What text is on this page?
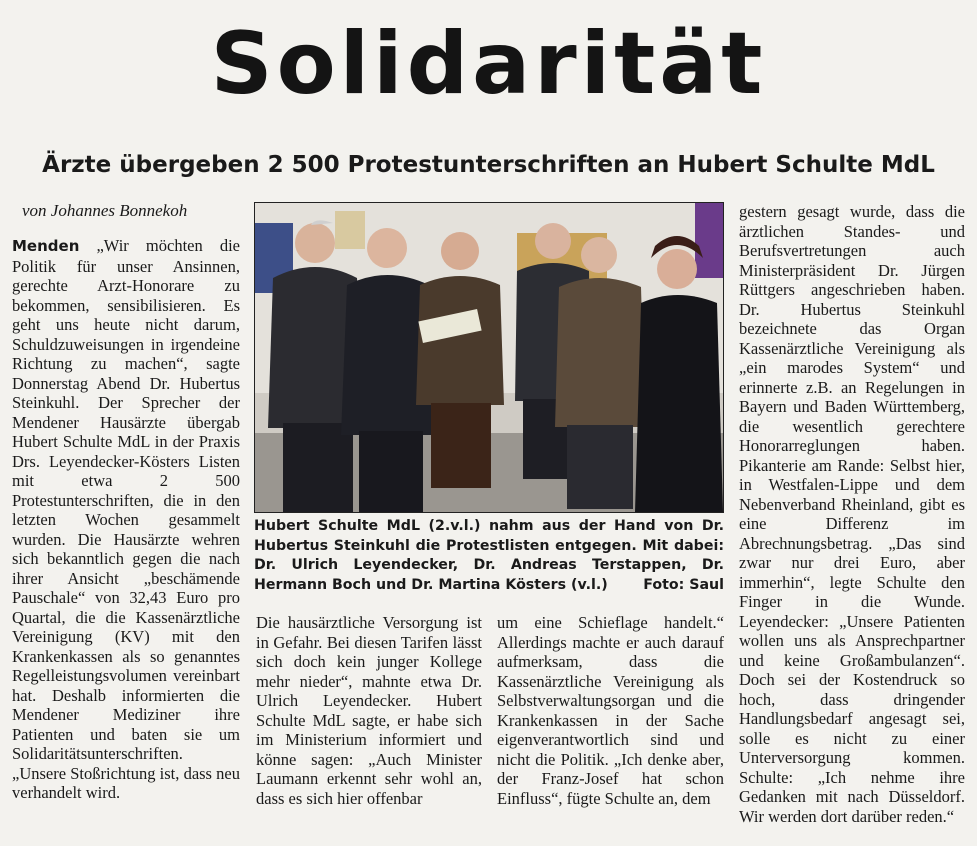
Solidarität
Ärzte übergeben 2 500 Protestunterschriften an Hubert Schulte MdL
von Johannes Bonnekoh

Menden „Wir möchten die Politik für unser Ansinnen, gerechte Arzt-Honorare zu bekommen, sensibilisieren. Es geht uns heute nicht darum, Schuldzuweisungen in irgendeine Richtung zu machen“, sagte Donnerstag Abend Dr. Hubertus Steinkuhl. Der Sprecher der Mendener Hausärzte übergab Hubert Schulte MdL in der Praxis Drs. Leyendecker-Kösters Listen mit etwa 2 500 Protestunterschriften, die in den letzten Wochen gesammelt wurden. Die Hausärzte wehren sich bekanntlich gegen die nach ihrer Ansicht „beschämende Pauschale“ von 32,43 Euro pro Quartal, die die Kassenärztliche Vereinigung (KV) mit den Krankenkassen als so genanntes Regelleistungsvolumen vereinbart hat. Deshalb informierten die Mendener Mediziner ihre Patienten und baten sie um Solidaritätsunterschriften. „Unsere Stoßrichtung ist, dass neu verhandelt wird.

Hubert Schulte MdL (2.v.l.) nahm aus der Hand von Dr. Hubertus Steinkuhl die Protestlisten entgegen. Mit dabei: Dr. Ulrich Leyendecker, Dr. Andreas Terstappen, Dr. Hermann Boch und Dr. Martina Kösters (v.l.) Foto: Saul

Die hausärztliche Versorgung ist in Gefahr. Bei diesen Tarifen lässt sich doch kein junger Kollege mehr nieder“, mahnte etwa Dr. Ulrich Leyendecker. Hubert Schulte MdL sagte, er habe sich im Ministerium informiert und könne sagen: „Auch Minister Laumann erkennt sehr wohl an, dass es sich hier offenbar

um eine Schieflage handelt.“ Allerdings machte er auch darauf aufmerksam, dass die Kassenärztliche Vereinigung als Selbstverwaltungsorgan und die Krankenkassen in der Sache eigenverantwortlich sind und nicht die Politik. „Ich denke aber, der Franz-Josef hat schon Einfluss“, fügte Schulte an, dem

gestern gesagt wurde, dass die ärztlichen Standes- und Berufsvertretungen auch Ministerpräsident Dr. Jürgen Rüttgers angeschrieben haben. Dr. Hubertus Steinkuhl bezeichnete das Organ Kassenärztliche Vereinigung als „ein marodes System“ und erinnerte z.B. an Regelungen in Bayern und Baden Württemberg, die wesentlich gerechtere Honorarreglungen haben. Pikanterie am Rande: Selbst hier, in Westfalen-Lippe und dem Nebenverband Rheinland, gibt es eine Differenz im Abrechnungsbetrag. „Das sind zwar nur drei Euro, aber immerhin“, legte Schulte den Finger in die Wunde. Leyendecker: „Unsere Patienten wollen uns als Ansprechpartner und keine Großambulanzen“. Doch sei der Kostendruck so hoch, dass dringender Handlungsbedarf angesagt sei, solle es nicht zu einer Unterversorgung kommen. Schulte: „Ich nehme ihre Gedanken mit nach Düsseldorf. Wir werden dort darüber reden.“
